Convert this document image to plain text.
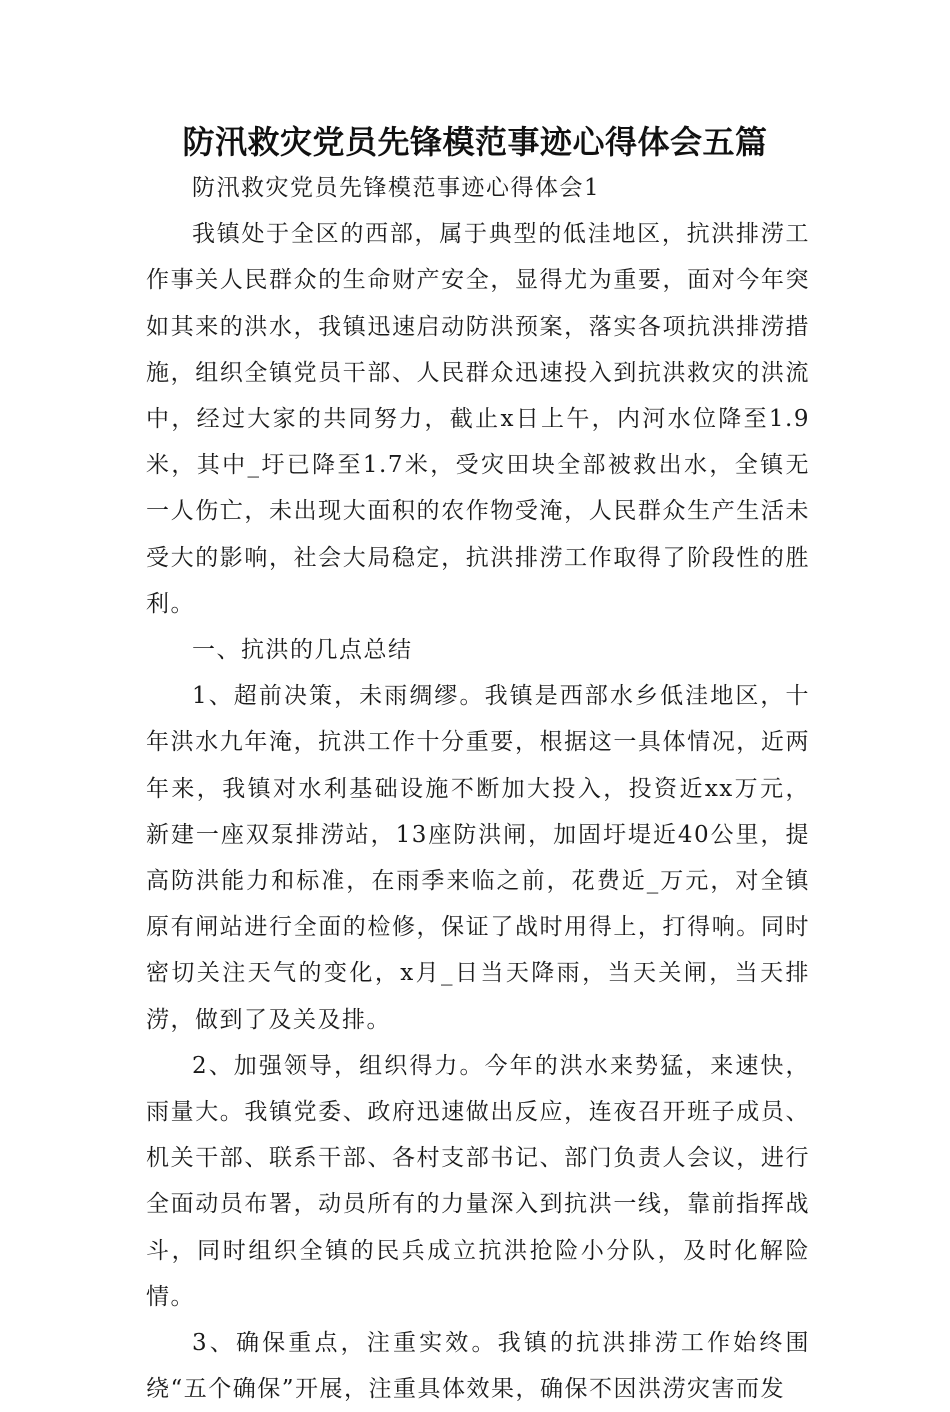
防汛救灾党员先锋模范事迹心得体会五篇

防汛救灾党员先锋模范事迹心得体会1

我镇处于全区的西部，属于典型的低洼地区，抗洪排涝工作事关人民群众的生命财产安全，显得尤为重要，面对今年突如其来的洪水，我镇迅速启动防洪预案，落实各项抗洪排涝措施，组织全镇党员干部、人民群众迅速投入到抗洪救灾的洪流中，经过大家的共同努力，截止x日上午，内河水位降至1.9米，其中_圩已降至1.7米，受灾田块全部被救出水，全镇无一人伤亡，未出现大面积的农作物受淹，人民群众生产生活未受大的影响，社会大局稳定，抗洪排涝工作取得了阶段性的胜利。

一、抗洪的几点总结

1、超前决策，未雨绸缪。我镇是西部水乡低洼地区，十年洪水九年淹，抗洪工作十分重要，根据这一具体情况，近两年来，我镇对水利基础设施不断加大投入，投资近xx万元，新建一座双泵排涝站，13座防洪闸，加固圩堤近40公里，提高防洪能力和标准，在雨季来临之前，花费近_万元，对全镇原有闸站进行全面的检修，保证了战时用得上，打得响。同时密切关注天气的变化，x月_日当天降雨，当天关闸，当天排涝，做到了及关及排。

2、加强领导，组织得力。今年的洪水来势猛，来速快，雨量大。我镇党委、政府迅速做出反应，连夜召开班子成员、机关干部、联系干部、各村支部书记、部门负责人会议，进行全面动员布署，动员所有的力量深入到抗洪一线，靠前指挥战斗，同时组织全镇的民兵成立抗洪抢险小分队，及时化解险情。

3、确保重点，注重实效。我镇的抗洪排涝工作始终围绕“五个确保”开展，注重具体效果，确保不因洪涝灾害而发
